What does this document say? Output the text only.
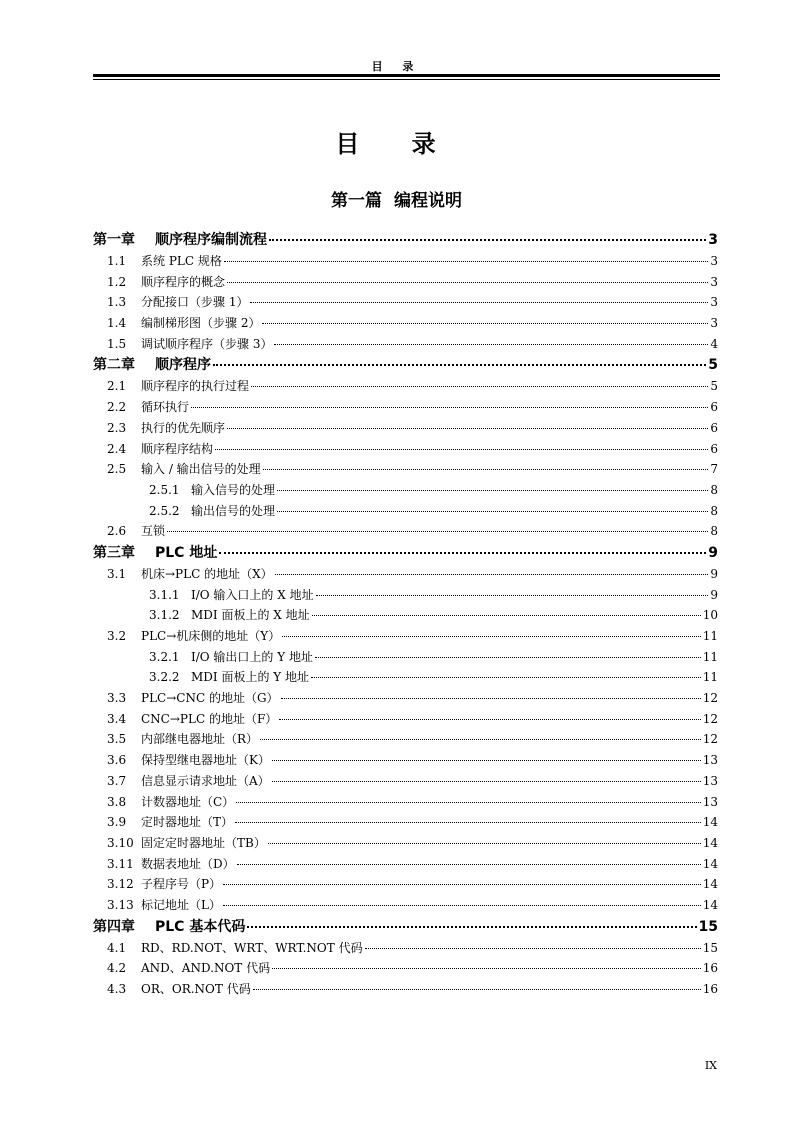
目 录
目 录
第一篇 编程说明
第一章	顺序程序编制流程	3
1.1	系统 PLC 规格	3
1.2	顺序程序的概念	3
1.3	分配接口（步骤 1）	3
1.4	编制梯形图（步骤 2）	3
1.5	调试顺序程序（步骤 3）	4
第二章	顺序程序	5
2.1	顺序程序的执行过程	5
2.2	循环执行	6
2.3	执行的优先顺序	6
2.4	顺序程序结构	6
2.5	输入 / 输出信号的处理	7
2.5.1 输入信号的处理	8
2.5.2 输出信号的处理	8
2.6	互锁	8
第三章	PLC 地址	9
3.1	机床→PLC 的地址（X）	9
3.1.1 I/O 输入口上的 X 地址	9
3.1.2 MDI 面板上的 X 地址	10
3.2	PLC→机床侧的地址（Y）	11
3.2.1 I/O 输出口上的 Y 地址	11
3.2.2 MDI 面板上的 Y 地址	11
3.3	PLC→CNC 的地址（G）	12
3.4	CNC→PLC 的地址（F）	12
3.5	内部继电器地址（R）	12
3.6	保持型继电器地址（K）	13
3.7	信息显示请求地址（A）	13
3.8	计数器地址（C）	13
3.9	定时器地址（T）	14
3.10 固定定时器地址（TB）	14
3.11 数据表地址（D）	14
3.12 子程序号（P）	14
3.13 标记地址（L）	14
第四章	PLC 基本代码	15
4.1	RD、RD.NOT、WRT、WRT.NOT 代码	15
4.2	AND、AND.NOT 代码	16
4.3	OR、OR.NOT 代码	16
IX
